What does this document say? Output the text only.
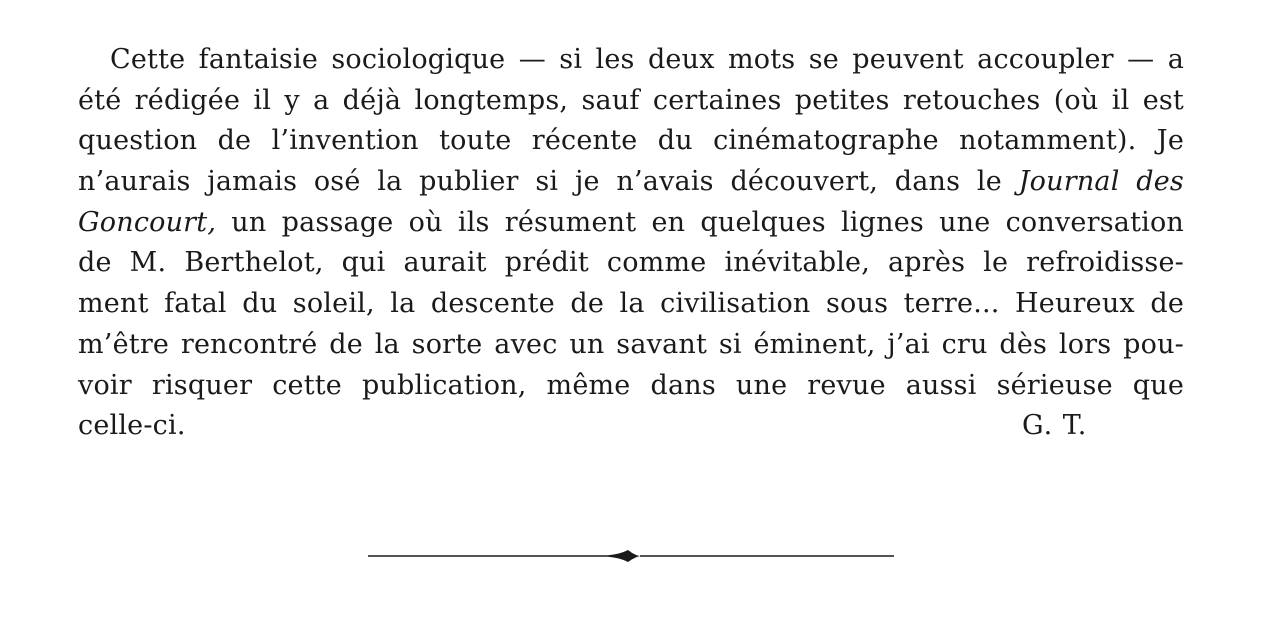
Cette fantaisie sociologique — si les deux mots se peuvent accoupler — a
été rédigée il y a déjà longtemps, sauf certaines petites retouches (où il est
question de l’invention toute récente du cinématographe notamment). Je
n’aurais jamais osé la publier si je n’avais découvert, dans le Journal des
Goncourt, un passage où ils résument en quelques lignes une conversation
de M. Berthelot, qui aurait prédit comme inévitable, après le refroidisse-
ment fatal du soleil, la descente de la civilisation sous terre... Heureux de
m’être rencontré de la sorte avec un savant si éminent, j’ai cru dès lors pou-
voir risquer cette publication, même dans une revue aussi sérieuse que
celle-ci.	G. T.
